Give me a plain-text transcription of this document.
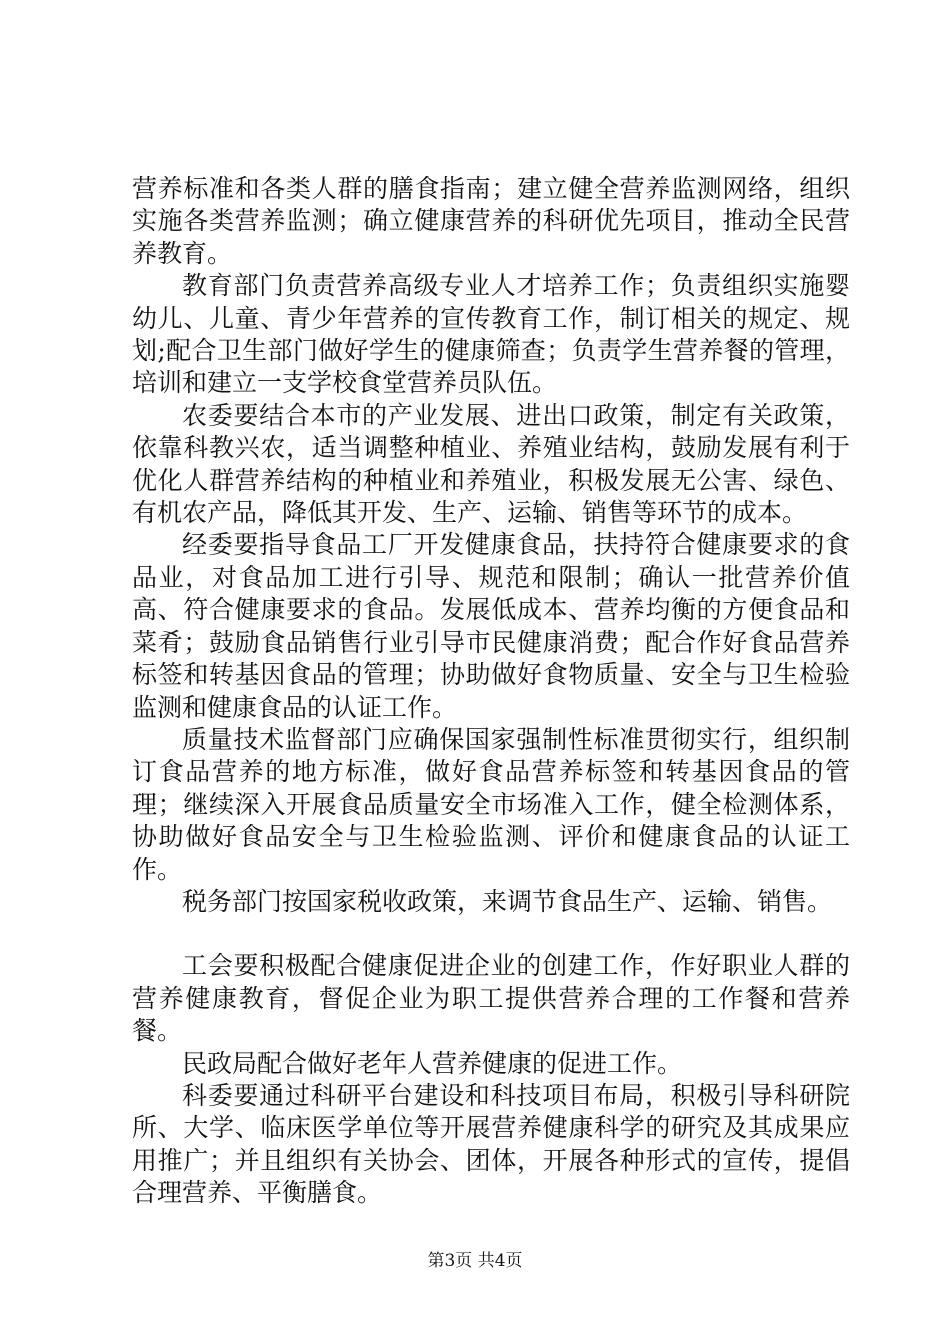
营养标准和各类人群的膳食指南；建立健全营养监测网络，组织实施各类营养监测；确立健康营养的科研优先项目，推动全民营养教育。

教育部门负责营养高级专业人才培养工作；负责组织实施婴幼儿、儿童、青少年营养的宣传教育工作，制订相关的规定、规划;配合卫生部门做好学生的健康筛查；负责学生营养餐的管理，培训和建立一支学校食堂营养员队伍。

农委要结合本市的产业发展、进出口政策，制定有关政策，依靠科教兴农，适当调整种植业、养殖业结构，鼓励发展有利于优化人群营养结构的种植业和养殖业，积极发展无公害、绿色、有机农产品，降低其开发、生产、运输、销售等环节的成本。

经委要指导食品工厂开发健康食品，扶持符合健康要求的食品业，对食品加工进行引导、规范和限制；确认一批营养价值高、符合健康要求的食品。发展低成本、营养均衡的方便食品和菜肴；鼓励食品销售行业引导市民健康消费；配合作好食品营养标签和转基因食品的管理；协助做好食物质量、安全与卫生检验监测和健康食品的认证工作。

质量技术监督部门应确保国家强制性标准贯彻实行，组织制订食品营养的地方标准，做好食品营养标签和转基因食品的管理；继续深入开展食品质量安全市场准入工作，健全检测体系，协助做好食品安全与卫生检验监测、评价和健康食品的认证工作。

税务部门按国家税收政策，来调节食品生产、运输、销售。

工会要积极配合健康促进企业的创建工作，作好职业人群的营养健康教育，督促企业为职工提供营养合理的工作餐和营养餐。

民政局配合做好老年人营养健康的促进工作。

科委要通过科研平台建设和科技项目布局，积极引导科研院所、大学、临床医学单位等开展营养健康科学的研究及其成果应用推广；并且组织有关协会、团体，开展各种形式的宣传，提倡合理营养、平衡膳食。

第3页 共4页
